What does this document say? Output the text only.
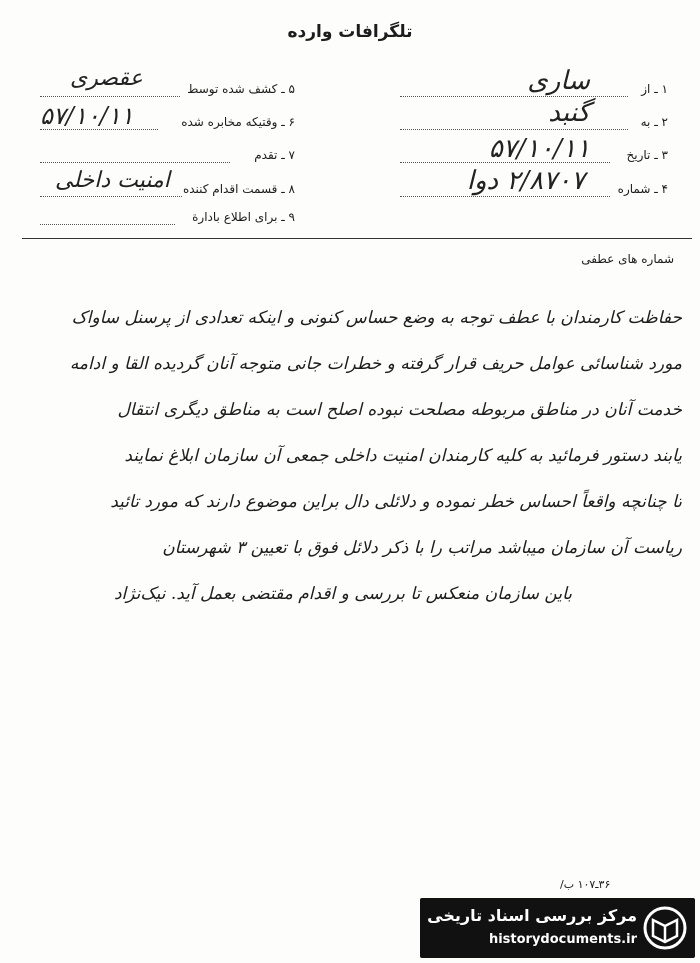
تلگرافات وارده
۱ ـ از
ساری
۲ ـ به
گنبد
۳ ـ تاریخ
۵۷/۱۰/۱۱
۴ ـ شماره
۲/۸۷۰۷ دوا
۵ ـ کشف شده توسط
عقصری
۶ ـ وقتیکه مخابره شده
۵۷/۱۰/۱۱
۷ ـ تقدم
۸ ـ قسمت اقدام کننده
امنیت داخلی
۹ ـ برای اطلاع بادارة
شماره های عطفی
حفاظت کارمندان با عطف توجه به وضع حساس کنونی و اینکه تعدادی از پرسنل ساواک
مورد شناسائی عوامل حریف قرار گرفته و خطرات جانی متوجه آنان گردیده القا و ادامه
خدمت آنان در مناطق مربوطه مصلحت نبوده اصلح است به مناطق دیگری انتقال
یابند دستور فرمائید به کلیه کارمندان امنیت داخلی جمعی آن سازمان ابلاغ نمایند
تا چنانچه واقعاً احساس خطر نموده و دلائلی دال براین موضوع دارند که مورد تائید
ریاست آن سازمان میباشد مراتب را با ذکر دلائل فوق با تعیین ۳ شهرستان
باین سازمان منعکس تا بررسی و اقدام مقتضی بعمل آید. نیک‌نژاد
۳۶ـ۱۰۷ ب/
مرکز بررسی اسناد تاریخی
historydocuments.ir
